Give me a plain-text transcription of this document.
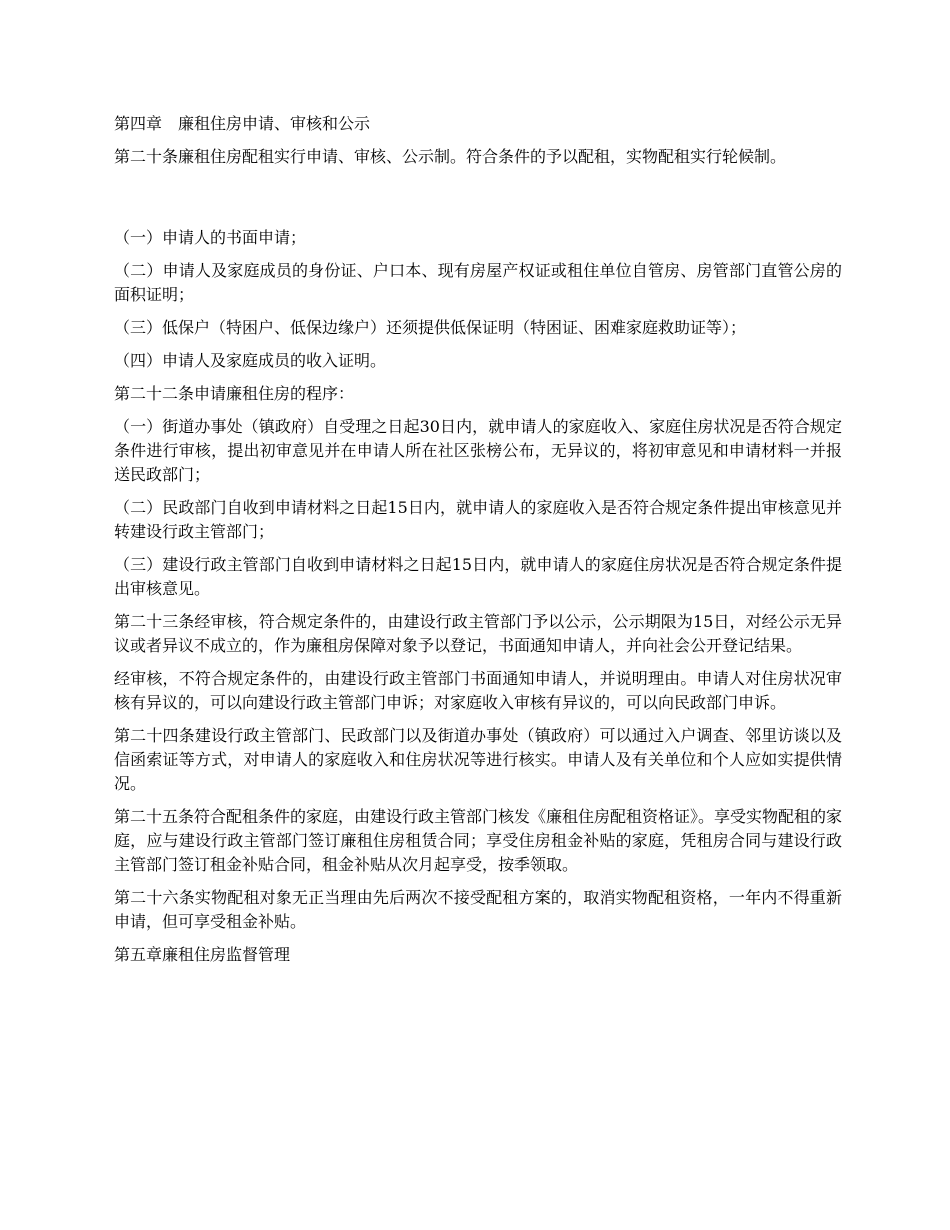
第四章　廉租住房申请、审核和公示

第二十条廉租住房配租实行申请、审核、公示制。符合条件的予以配租，实物配租实行轮候制。

（一）申请人的书面申请；

（二）申请人及家庭成员的身份证、户口本、现有房屋产权证或租住单位自管房、房管部门直管公房的面积证明；

（三）低保户（特困户、低保边缘户）还须提供低保证明（特困证、困难家庭救助证等）；

（四）申请人及家庭成员的收入证明。

第二十二条申请廉租住房的程序：

（一）街道办事处（镇政府）自受理之日起30日内，就申请人的家庭收入、家庭住房状况是否符合规定条件进行审核，提出初审意见并在申请人所在社区张榜公布，无异议的，将初审意见和申请材料一并报送民政部门；

（二）民政部门自收到申请材料之日起15日内，就申请人的家庭收入是否符合规定条件提出审核意见并转建设行政主管部门；

（三）建设行政主管部门自收到申请材料之日起15日内，就申请人的家庭住房状况是否符合规定条件提出审核意见。

第二十三条经审核，符合规定条件的，由建设行政主管部门予以公示，公示期限为15日，对经公示无异议或者异议不成立的，作为廉租房保障对象予以登记，书面通知申请人，并向社会公开登记结果。

经审核，不符合规定条件的，由建设行政主管部门书面通知申请人，并说明理由。申请人对住房状况审核有异议的，可以向建设行政主管部门申诉；对家庭收入审核有异议的，可以向民政部门申诉。

第二十四条建设行政主管部门、民政部门以及街道办事处（镇政府）可以通过入户调查、邻里访谈以及信函索证等方式，对申请人的家庭收入和住房状况等进行核实。申请人及有关单位和个人应如实提供情况。

第二十五条符合配租条件的家庭，由建设行政主管部门核发《廉租住房配租资格证》。享受实物配租的家庭，应与建设行政主管部门签订廉租住房租赁合同；享受住房租金补贴的家庭，凭租房合同与建设行政主管部门签订租金补贴合同，租金补贴从次月起享受，按季领取。

第二十六条实物配租对象无正当理由先后两次不接受配租方案的，取消实物配租资格，一年内不得重新申请，但可享受租金补贴。

第五章廉租住房监督管理
